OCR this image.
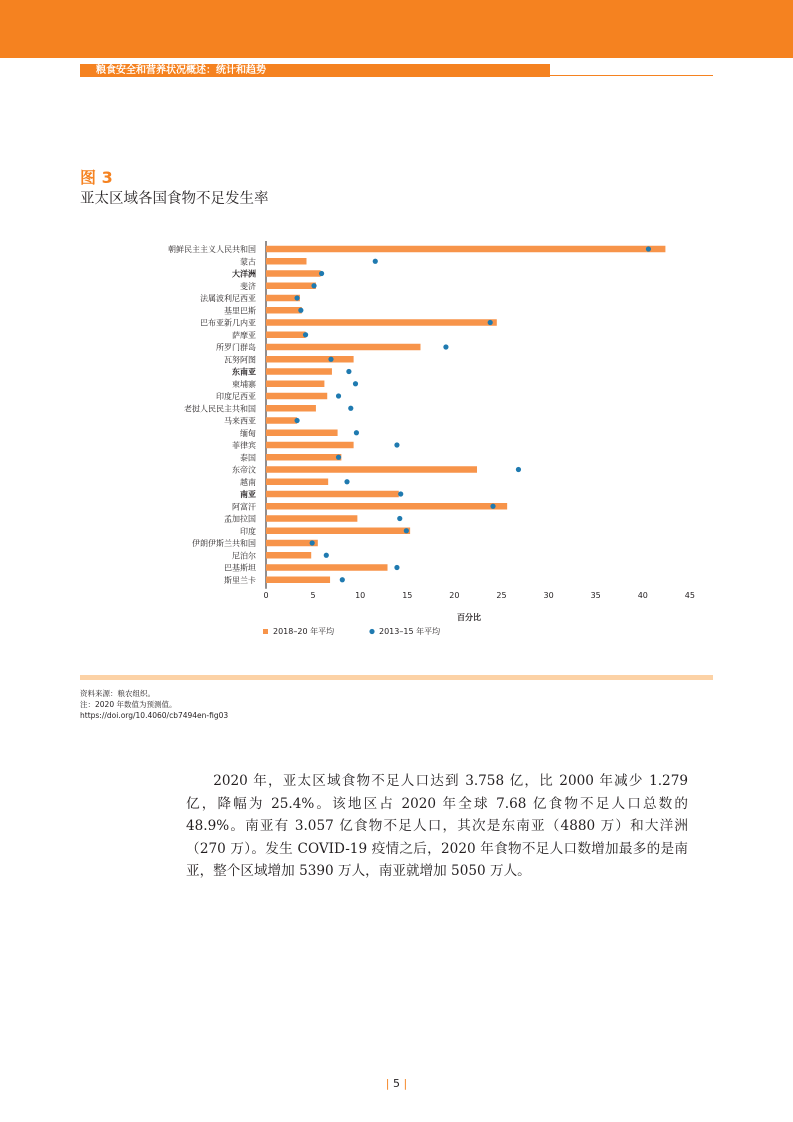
粮食安全和营养状况概述：统计和趋势
图 3
亚太区域各国食物不足发生率
朝鲜民主主义人民共和国
蒙古
大洋洲
斐济
法属波利尼西亚
基里巴斯
巴布亚新几内亚
萨摩亚
所罗门群岛
瓦努阿图
东南亚
柬埔寨
印度尼西亚
老挝人民民主共和国
马来西亚
缅甸
菲律宾
泰国
东帝汶
越南
南亚
阿富汗
孟加拉国
印度
伊朗伊斯兰共和国
尼泊尔
巴基斯坦
斯里兰卡
0	5	10	15	20	25	30	35	40	45
百分比
2018–20 年平均	2013–15 年平均
资料来源：粮农组织。
注：2020 年数值为预测值。
https://doi.org/10.4060/cb7494en-fig03
2020 年，亚太区域食物不足人口达到 3.758 亿，比 2000 年减少 1.279 亿，降幅为 25.4%。该地区占 2020 年全球 7.68 亿食物不足人口总数的 48.9%。南亚有 3.057 亿食物不足人口，其次是东南亚（4880 万）和大洋洲（270 万）。发生 COVID-19 疫情之后，2020 年食物不足人口数增加最多的是南亚，整个区域增加 5390 万人，南亚就增加 5050 万人。
| 5 |
